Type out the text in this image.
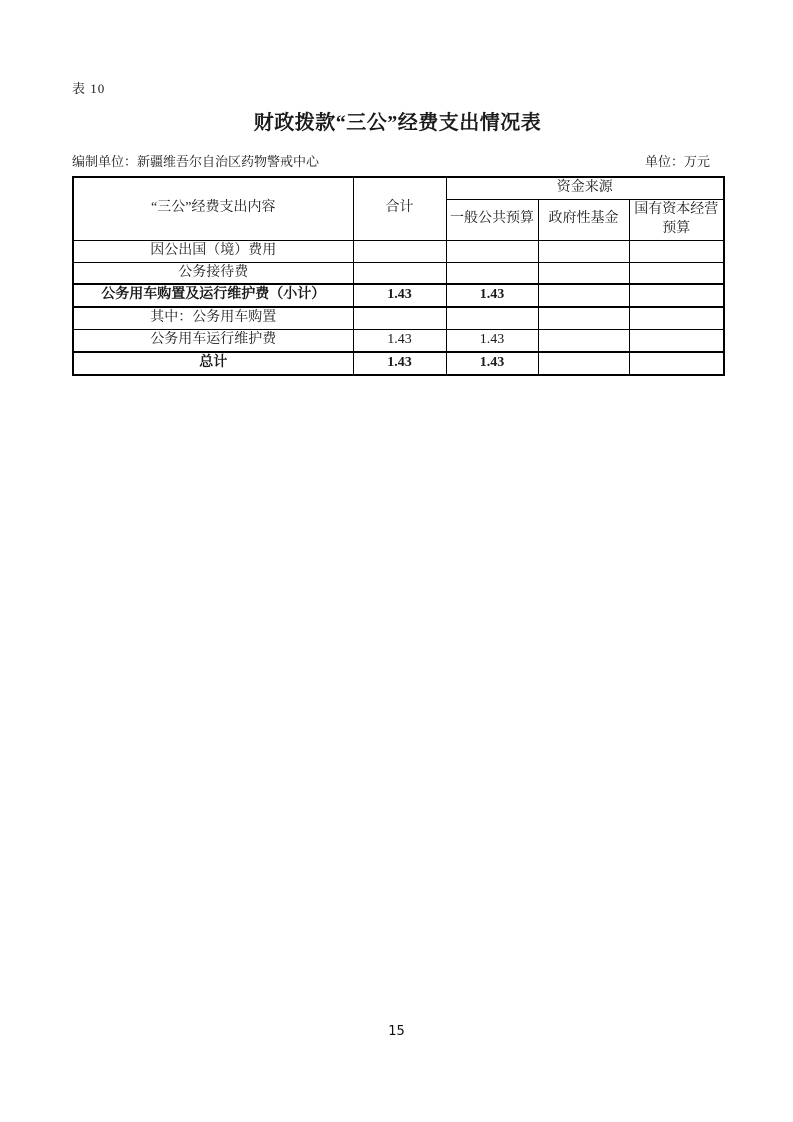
表 10
财政拨款“三公”经费支出情况表
编制单位：新疆维吾尔自治区药物警戒中心	单位：万元
“三公”经费支出内容	合计	资金来源		
		一般公共预算	政府性基金	国有资本经营预算
因公出国（境）费用				
公务接待费				
公务用车购置及运行维护费（小计）	1.43	1.43		
其中：公务用车购置				
公务用车运行维护费	1.43	1.43		
总计	1.43	1.43		
15
